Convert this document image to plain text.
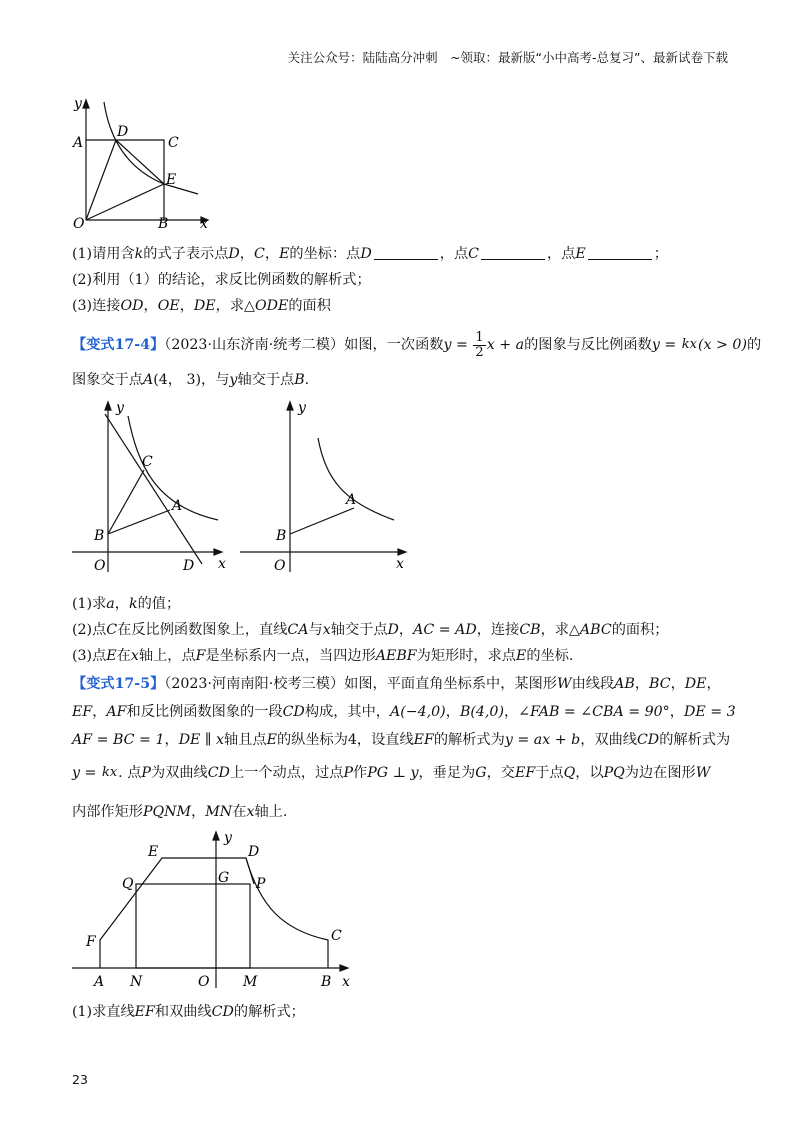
关注公众号：陆陆高分冲刺　~领取：最新版“小中高考-总复习”、最新试卷下载
y
x
A
D
C
E
O	B
(1)请用含k的式子表示点D，C，E的坐标：点D	，点C	，点E	；
(2)利用（1）的结论，求反比例函数的解析式；
(3)连接OD，OE，DE，求△ODE的面积
【变式17-4】（2023·山东济南·统考二模）如图，一次函数$y = \frac{1}{2}$ x + a的图象与反比例函数y = kx(x > 0)的
图象交于点A(4， 3)，与y轴交于点B.
y
x
C
A
B
O	D
y
x
A
B
O
(1)求a，k的值；
(2)点C在反比例函数图象上，直线CA与x轴交于点D，AC = AD，连接CB，求△ABC的面积；
(3)点E在x轴上，点F是坐标系内一点，当四边形AEBF为矩形时，求点E的坐标.
【变式17-5】（2023·河南南阳·校考三模）如图，平面直角坐标系中，某图形W由线段AB，BC，DE，
EF，AF和反比例函数图象的一段CD构成，其中，A(−4,0)，B(4,0)，∠FAB = ∠CBA = 90°，DE = 3
AF = BC = 1，DE ∥ x轴且点E的纵坐标为4，设直线EF的解析式为y = ax + b，双曲线CD的解析式为
y = kx. 点P为双曲线CD上一个动点，过点P作PG ⊥ y，垂足为G，交EF于点Q，以PQ为边在图形W
内部作矩形PQNM，MN在x轴上.
y
x
E	D
Q	G P
F	C
A N	O M	B
(1)求直线EF和双曲线CD的解析式；
23
